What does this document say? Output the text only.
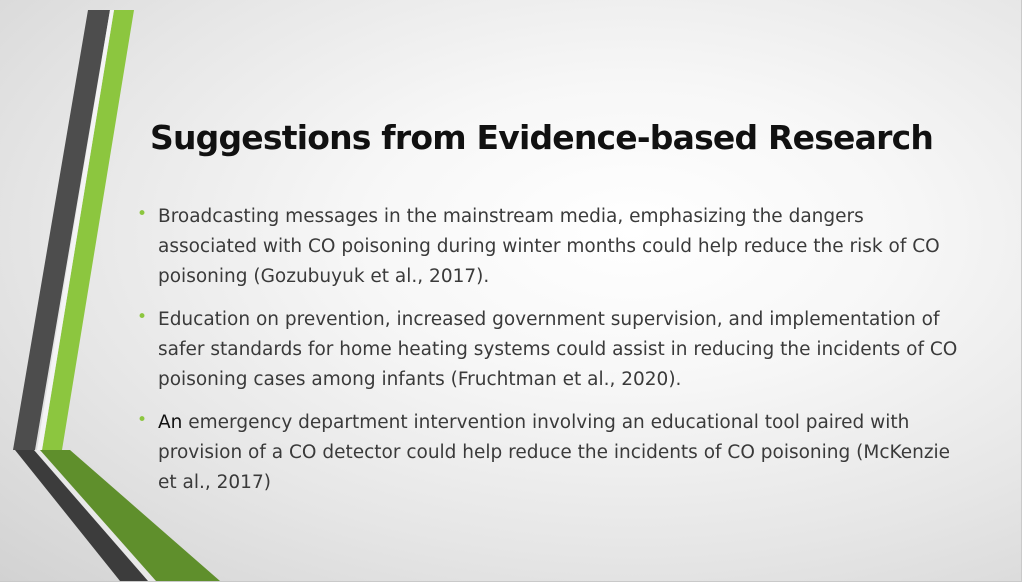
Suggestions from Evidence-based Research
• Broadcasting messages in the mainstream media, emphasizing the dangers associated with CO poisoning during winter months could help reduce the risk of CO poisoning (Gozubuyuk et al., 2017).
• Education on prevention, increased government supervision, and implementation of safer standards for home heating systems could assist in reducing the incidents of CO poisoning cases among infants (Fruchtman et al., 2020).
• An emergency department intervention involving an educational tool paired with provision of a CO detector could help reduce the incidents of CO poisoning (McKenzie et al., 2017)
